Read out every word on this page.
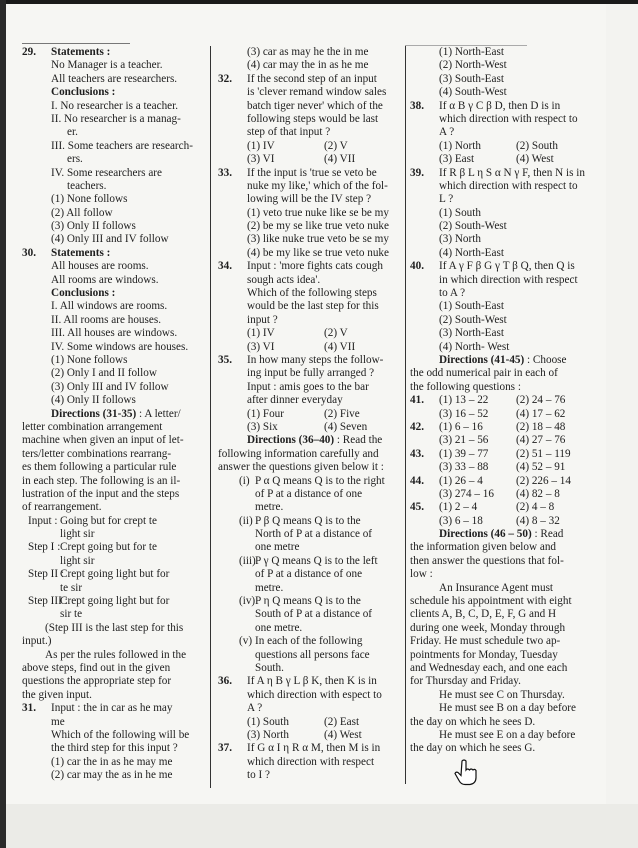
29. Statements :
No Manager is a teacher.
All teachers are researchers.
Conclusions :
I. No researcher is a teacher.
II. No researcher is a manag-
er.
III. Some teachers are research-
ers.
IV. Some researchers are
teachers.
(1) None follows
(2) All follow
(3) Only II follows
(4) Only III and IV follow
30. Statements :
All houses are rooms.
All rooms are windows.
Conclusions :
I. All windows are rooms.
II. All rooms are houses.
III. All houses are windows.
IV. Some windows are houses.
(1) None follows
(2) Only I and II follow
(3) Only III and IV follow
(4) Only II follows
Directions (31-35) : A letter/
letter combination arrangement
machine when given an input of let-
ters/letter combinations rearrang-
es them following a particular rule
in each step. The following is an il-
lustration of the input and the steps
of rearrangement.
Input : Going but for crept te
light sir
Step I : Crept going but for te
light sir
Step II :
Crept going light but for
te sir
Step III :
Crept going light but for
sir te
(Step III is the last step for this
input.)
As per the rules followed in the
above steps, find out in the given
questions the appropriate step for
the given input.
31. Input : the in car as he may
me
Which of the following will be
the third step for this input ?
(1) car the in as he may me
(2) car may the as in he me
(3) car as may he the in me
(4) car may the in as he me
32. If the second step of an input
is 'clever remand window sales
batch tiger never' which of the
following steps would be last
step of that input ?
(1) IV	(2) V
(3) VI	(4) VII
33. If the input is 'true se veto be
nuke my like,' which of the fol-
lowing will be the IV step ?
(1) veto true nuke like se be my
(2) be my se like true veto nuke
(3) like nuke true veto be se my
(4) be my like se true veto nuke
34. Input : 'more fights cats cough
sough acts idea'.
Which of the following steps
would be the last step for this
input ?
(1) IV	(2) V
(3) VI	(4) VII
35. In how many steps the follow-
ing input be fully arranged ?
Input : amis goes to the bar
after dinner everyday
(1) Four	(2) Five
(3) Six	(4) Seven
Directions (36–40) : Read the
following information carefully and
answer the questions given below it :
(i) P α Q means Q is to the right
of P at a distance of one
metre.
(ii) P β Q means Q is to the
North of P at a distance of
one metre
(iii) P γ Q means Q is to the left
of P at a distance of one
metre.
(iv) P η Q means Q is to the
South of P at a distance of
one metre.
(v) In each of the following
questions all persons face
South.
36. If A η B γ L β K, then K is in
which direction with espect to
A ?
(1) South	(2) East
(3) North	(4) West
37. If G α I η R α M, then M is in
which direction with respect
to I ?
(1) North-East
(2) North-West
(3) South-East
(4) South-West
38. If α B γ C β D, then D is in
which direction with respect to
A ?
(1) North	(2) South
(3) East	(4) West
39. If R β L η S α N γ F, then N is in
which direction with respect to
L ?
(1) South
(2) South-West
(3) North
(4) North-East
40. If A γ F β G γ T β Q, then Q is
in which direction with respect
to A ?
(1) South-East
(2) South-West
(3) North-East
(4) North- West
Directions (41-45) : Choose
the odd numerical pair in each of
the following questions :
41. (1) 13 – 22 (2) 24 – 76
(3) 16 – 52 (4) 17 – 62
42. (1) 6 – 16	(2) 18 – 48
(3) 21 – 56 (4) 27 – 76
43. (1) 39 – 77 (2) 51 – 119
(3) 33 – 88 (4) 52 – 91
44. (1) 26 – 4	(2) 226 – 14
(3) 274 – 16 (4) 82 – 8
45. (1) 2 – 4	(2) 4 – 8
(3) 6 – 18	(4) 8 – 32
Directions (46 – 50) : Read
the information given below and
then answer the questions that fol-
low :
An Insurance Agent must
schedule his appointment with eight
clients A, B, C, D, E, F, G and H
during one week, Monday through
Friday. He must schedule two ap-
pointments for Monday, Tuesday
and Wednesday each, and one each
for Thursday and Friday.
He must see C on Thursday.
He must see B on a day before
the day on which he sees D.
He must see E on a day before
the day on which he sees G.
